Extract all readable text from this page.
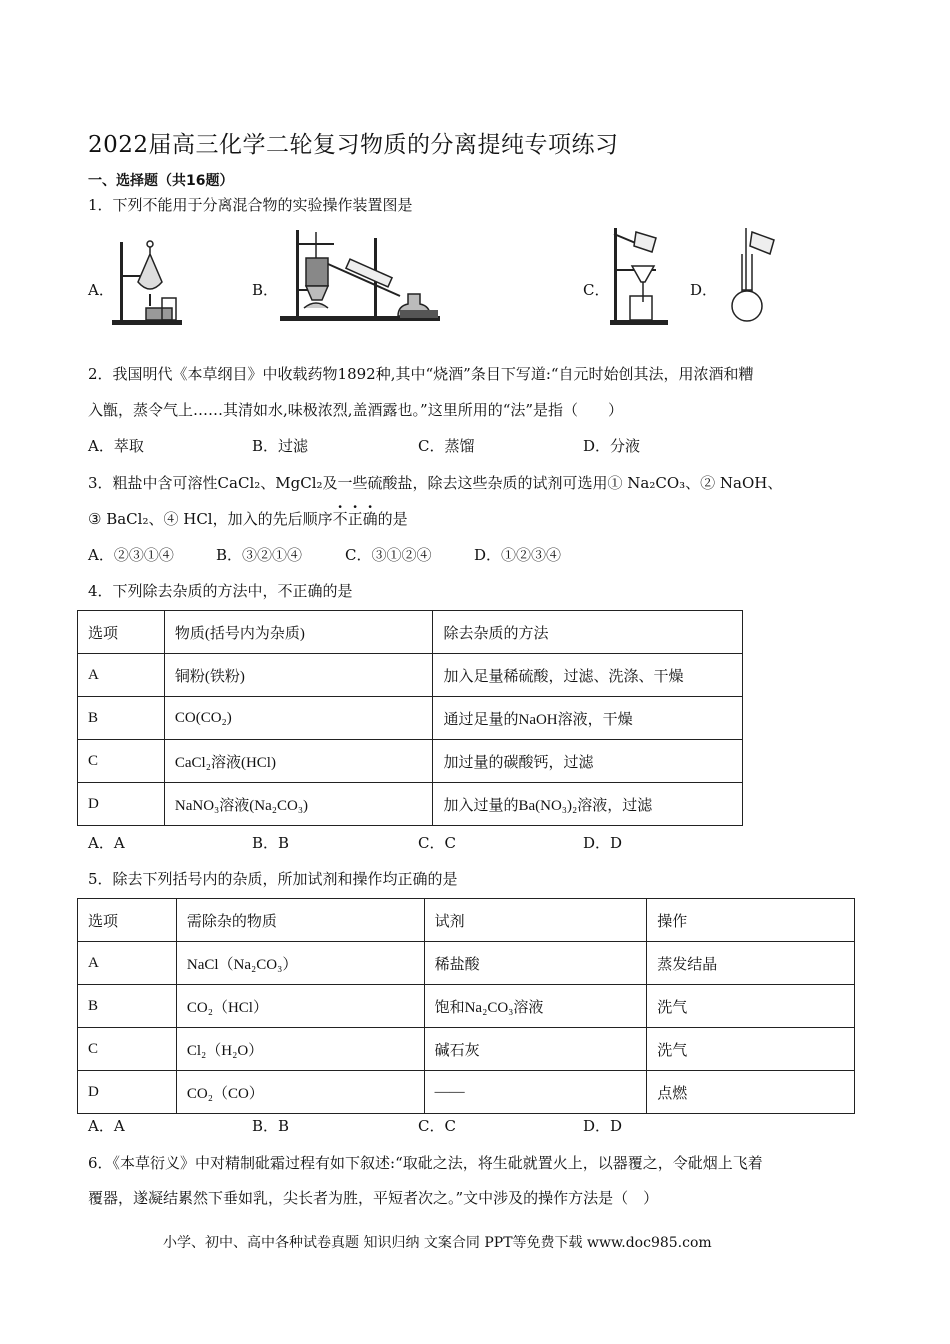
2022届高三化学二轮复习物质的分离提纯专项练习
一、选择题（共16题）
1．下列不能用于分离混合物的实验操作装置图是
A．	B．	C．	D．
2．我国明代《本草纲目》中收载药物1892种,其中“烧酒”条目下写道:“自元时始创其法，用浓酒和糟
入甑，蒸令气上……其清如水,味极浓烈,盖酒露也。”这里所用的“法”是指（　　）
A．萃取	B．过滤	C．蒸馏	D．分液
3．粗盐中含可溶性CaCl₂、MgCl₂及一些硫酸盐，除去这些杂质的试剂可选用① Na₂CO₃、② NaOH、
③ BaCl₂、④ HCl，加入的先后顺序不正确的是
A．②③①④	B．③②①④	C．③①②④	D．①②③④
4．下列除去杂质的方法中，不正确的是
选项	物质(括号内为杂质)	除去杂质的方法
A	铜粉(铁粉)	加入足量稀硫酸，过滤、洗涤、干燥
B	CO(CO₂)	通过足量的NaOH溶液，干燥
C	CaCl₂溶液(HCl)	加过量的碳酸钙，过滤
D	NaNO₃溶液(Na₂CO₃)	加入过量的Ba(NO₃)₂溶液，过滤
A．A	B．B	C．C	D．D
5．除去下列括号内的杂质，所加试剂和操作均正确的是
选项	需除杂的物质	试剂	操作
A	NaCl（Na₂CO₃）	稀盐酸	蒸发结晶
B	CO₂（HCl）	饱和Na₂CO₃溶液	洗气
C	Cl₂（H₂O）	碱石灰	洗气
D	CO₂（CO）	——	点燃
A．A	B．B	C．C	D．D
6．《本草衍义》中对精制砒霜过程有如下叙述:“取砒之法，将生砒就置火上，以器覆之，令砒烟上飞着
覆器，遂凝结累然下垂如乳，尖长者为胜，平短者次之。”文中涉及的操作方法是（　）
小学、初中、高中各种试卷真题 知识归纳 文案合同 PPT等免费下载 www.doc985.com
